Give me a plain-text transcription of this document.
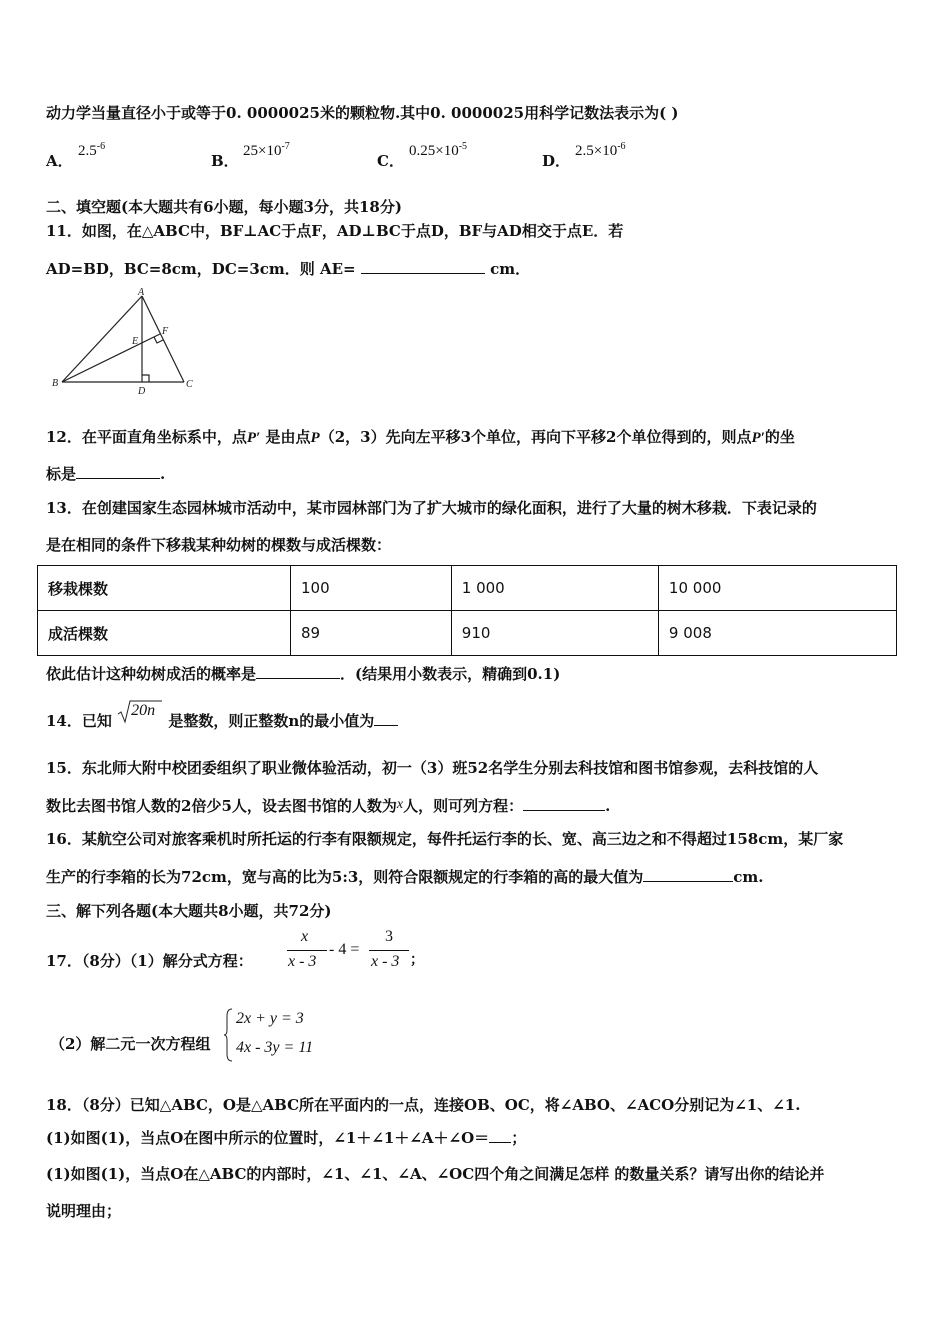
动力学当量直径小于或等于0. 0000025米的颗粒物.其中0. 0000025用科学记数法表示为( )
A．
$2.5^{-6}$
B．
$25\times 10^{-7}$
C．
$0.25\times 10^{-5}$
D．
$2.5\times 10^{-6}$
二、填空题(本大题共有6小题，每小题3分，共18分)
11．如图，在△ABC中，BF⊥AC于点F，AD⊥BC于点D，BF与AD相交于点E．若
AD=BD，BC=8cm，DC=3cm．则 AE=	cm．
A
B	C
D
E
F
12．在平面直角坐标系中，点P′ 是由点P（2，3）先向左平移3个单位，再向下平移2个单位得到的，则点P′的坐
标是	.
13．在创建国家生态园林城市活动中，某市园林部门为了扩大城市的绿化面积，进行了大量的树木移栽．下表记录的
是在相同的条件下移栽某种幼树的棵数与成活棵数：
移栽棵数	100	1 000	10 000
成活棵数	89	910	9 008
依此估计这种幼树成活的概率是	．(结果用小数表示，精确到0.1)
14．已知
20n
是整数，则正整数n的最小值为
15．东北师大附中校团委组织了职业微体验活动，初一（3）班52名学生分别去科技馆和图书馆参观，去科技馆的人
数比去图书馆人数的2倍少5人，设去图书馆的人数为x人，则可列方程：	.
16．某航空公司对旅客乘机时所托运的行李有限额规定，每件托运行李的长、宽、高三边之和不得超过158cm，某厂家
生产的行李箱的长为72cm，宽与高的比为5:3，则符合限额规定的行李箱的高的最大值为	cm.
三、解下列各题(本大题共8小题，共72分)
17．（8分）（1）解分式方程：
x
x - 3
- 4 =
3
x - 3 ；
（2）解二元一次方程组
2x + y = 3
4x - 3y = 11
18．（8分）已知△ABC，O是△ABC所在平面内的一点，连接OB、OC，将∠ABO、∠ACO分别记为∠1、∠1.
(1)如图(1)，当点O在图中所示的位置时，∠1＋∠1＋∠A＋∠O＝ ；
(1)如图(1)，当点O在△ABC的内部时，∠1、∠1、∠A、∠OC四个角之间满足怎样 的数量关系？请写出你的结论并
说明理由；
